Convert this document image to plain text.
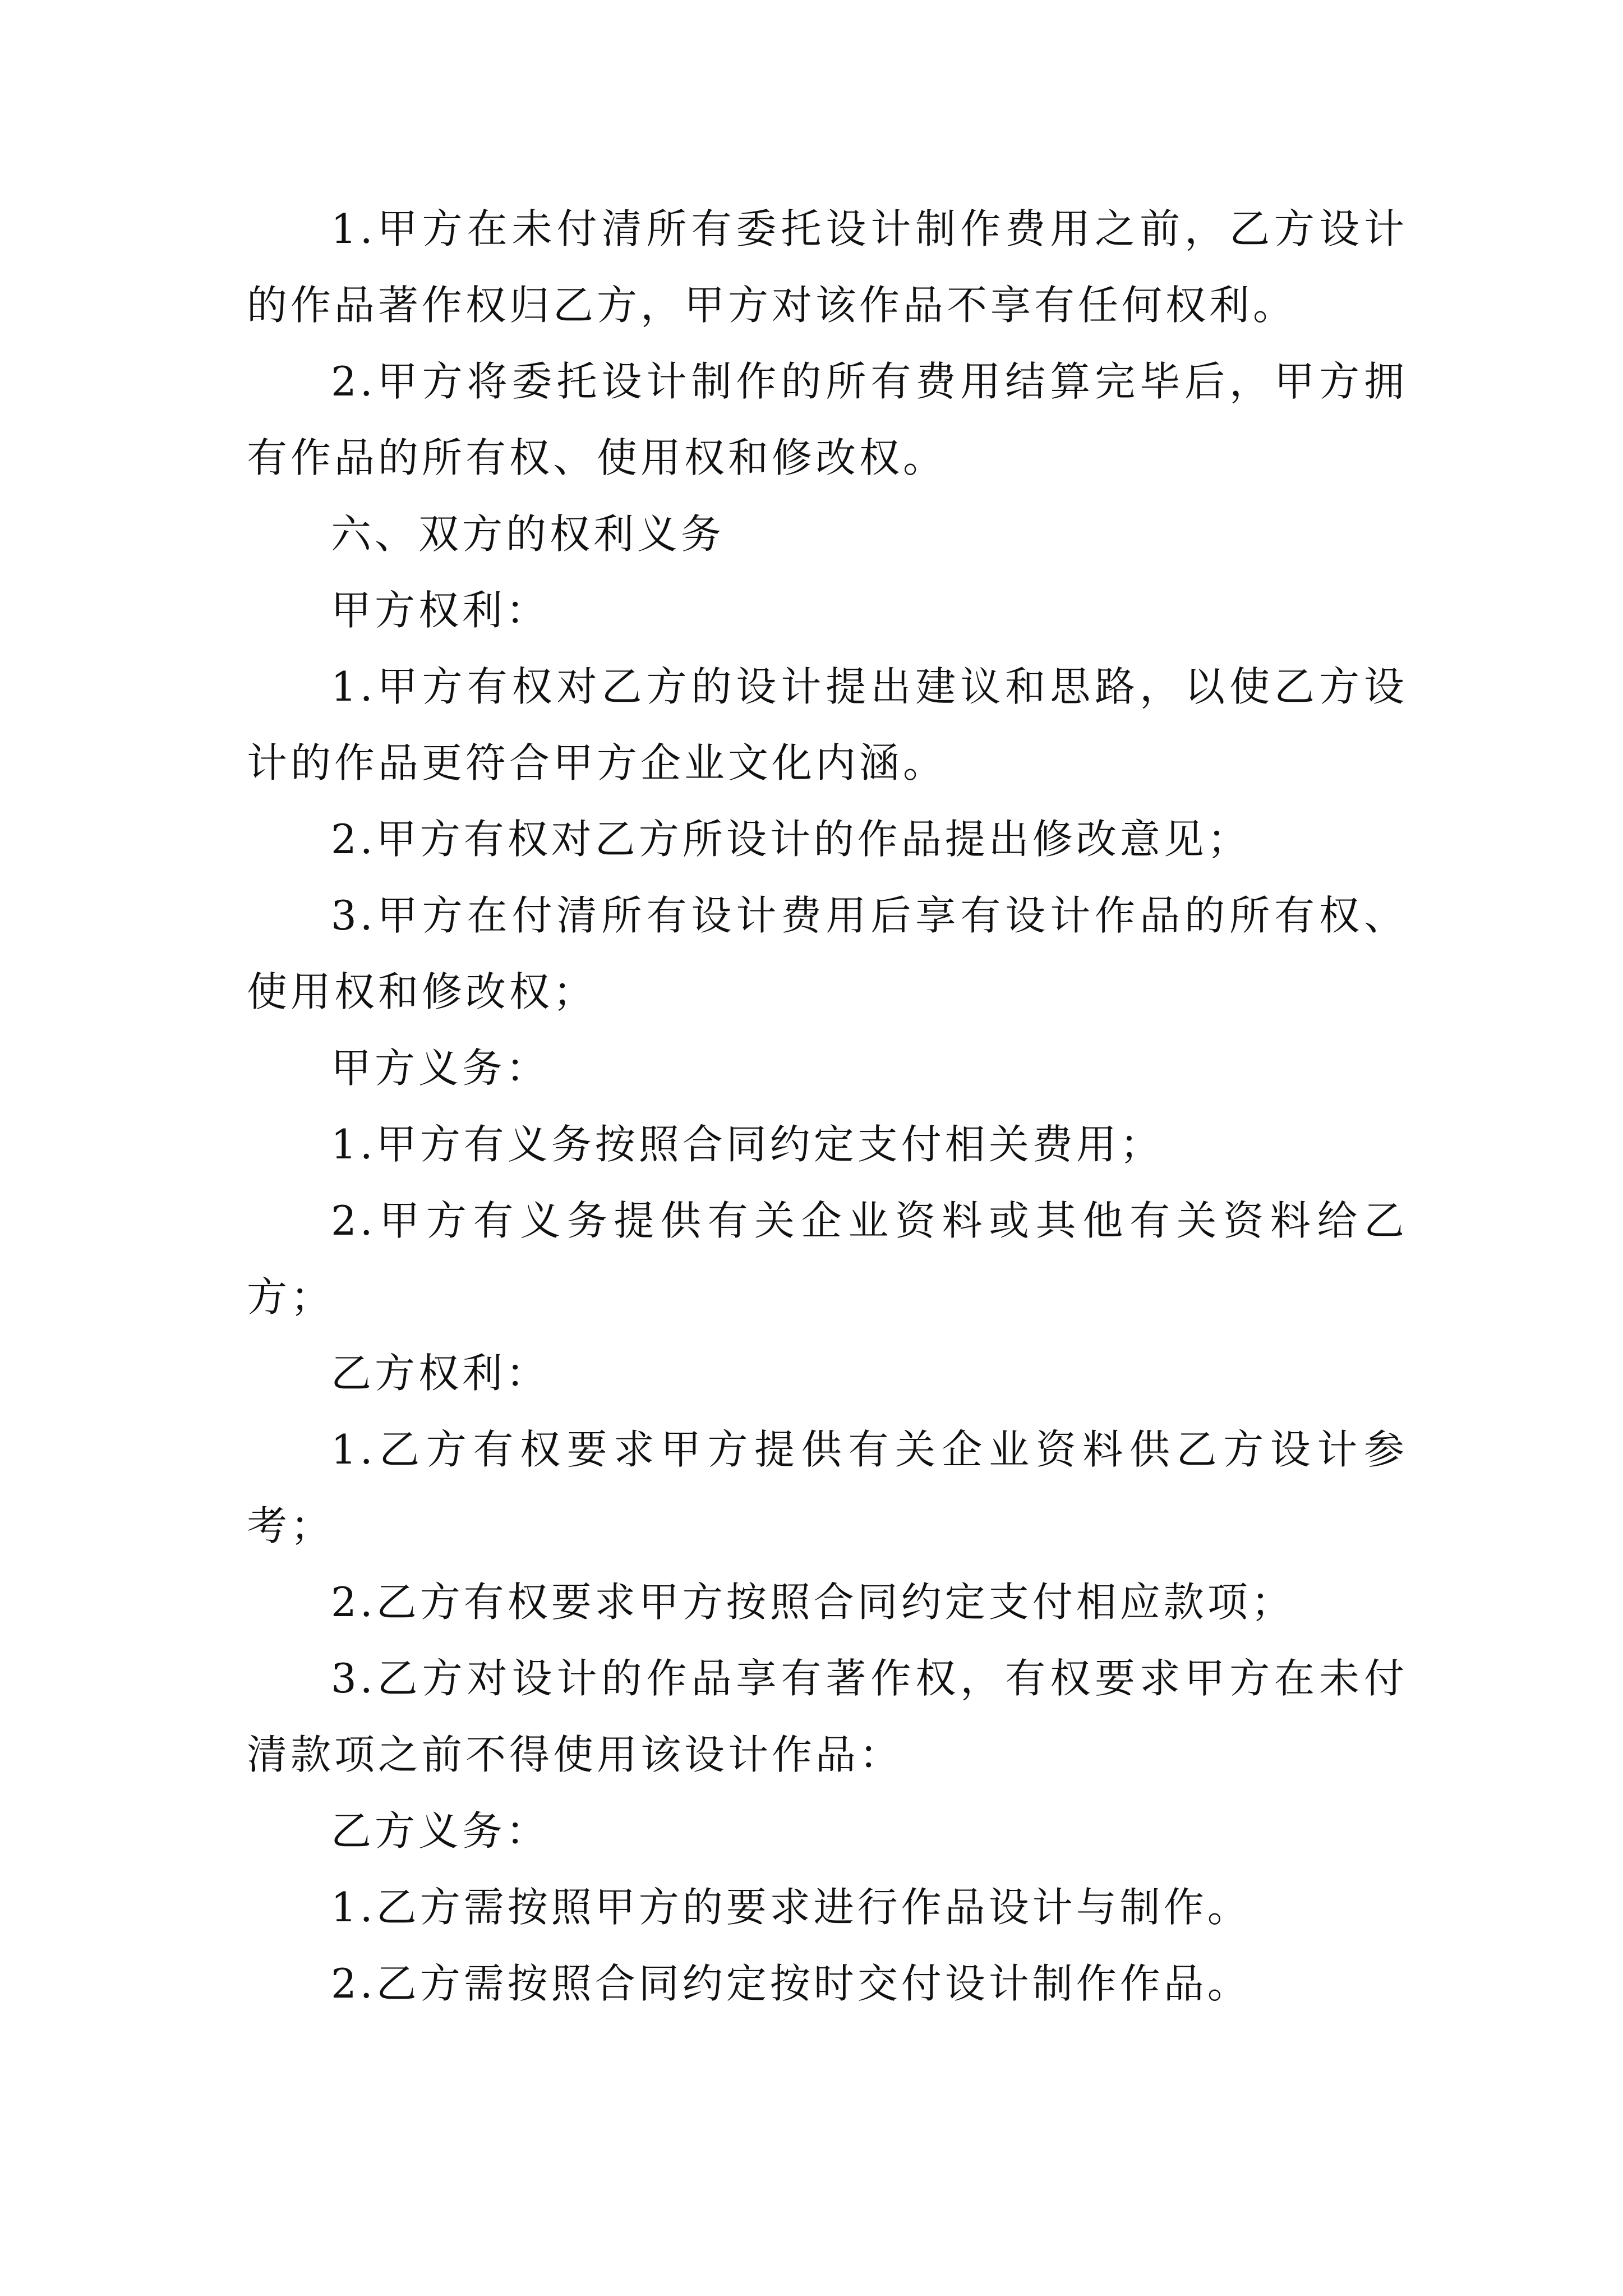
1.甲方在未付清所有委托设计制作费用之前，乙方设计的作品著作权归乙方，甲方对该作品不享有任何权利。

2.甲方将委托设计制作的所有费用结算完毕后，甲方拥有作品的所有权、使用权和修改权。

六、双方的权利义务

甲方权利：

1.甲方有权对乙方的设计提出建议和思路，以使乙方设计的作品更符合甲方企业文化内涵。

2.甲方有权对乙方所设计的作品提出修改意见；

3.甲方在付清所有设计费用后享有设计作品的所有权、使用权和修改权；

甲方义务：

1.甲方有义务按照合同约定支付相关费用；

2.甲方有义务提供有关企业资料或其他有关资料给乙方；

乙方权利：

1.乙方有权要求甲方提供有关企业资料供乙方设计参考；

2.乙方有权要求甲方按照合同约定支付相应款项；

3.乙方对设计的作品享有著作权，有权要求甲方在未付清款项之前不得使用该设计作品：

乙方义务：

1.乙方需按照甲方的要求进行作品设计与制作。

2.乙方需按照合同约定按时交付设计制作作品。
